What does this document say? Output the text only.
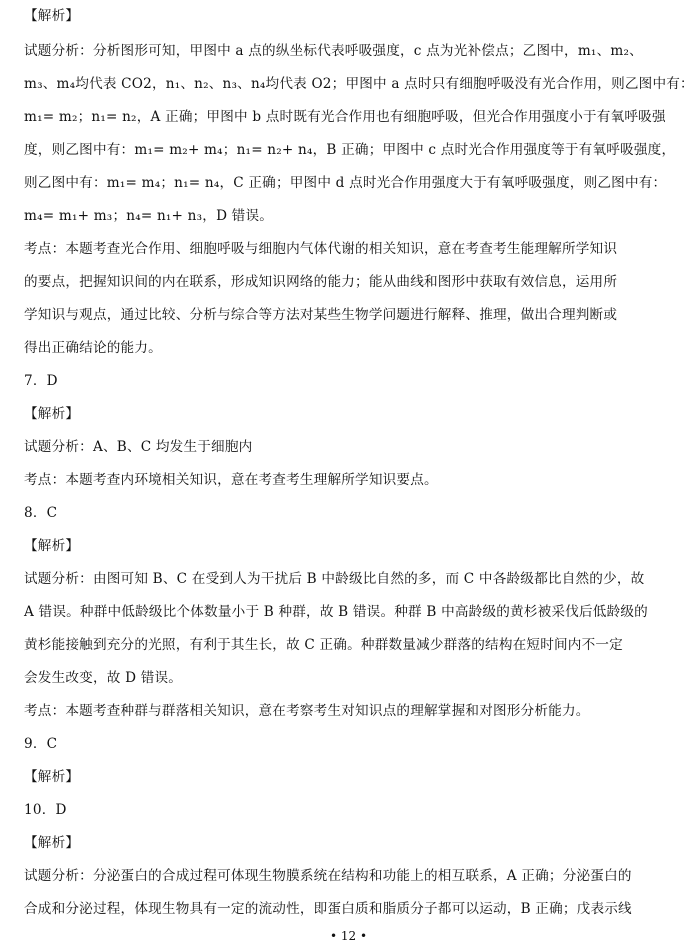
【解析】
试题分析：分析图形可知，甲图中 a 点的纵坐标代表呼吸强度，c 点为光补偿点；乙图中，m₁、m₂、
m₃、m₄均代表 CO2，n₁、n₂、n₃、n₄均代表 O2；甲图中 a 点时只有细胞呼吸没有光合作用，则乙图中有：
m₁= m₂；n₁= n₂，A 正确；甲图中 b 点时既有光合作用也有细胞呼吸，但光合作用强度小于有氧呼吸强
度，则乙图中有：m₁= m₂+ m₄；n₁= n₂+ n₄，B 正确；甲图中 c 点时光合作用强度等于有氧呼吸强度，
则乙图中有：m₁= m₄；n₁= n₄，C 正确；甲图中 d 点时光合作用强度大于有氧呼吸强度，则乙图中有：
m₄= m₁+ m₃；n₄= n₁+ n₃，D 错误。
考点：本题考查光合作用、细胞呼吸与细胞内气体代谢的相关知识，意在考查考生能理解所学知识
的要点，把握知识间的内在联系，形成知识网络的能力；能从曲线和图形中获取有效信息，运用所
学知识与观点，通过比较、分析与综合等方法对某些生物学问题进行解释、推理，做出合理判断或
得出正确结论的能力。
7．D
【解析】
试题分析：A、B、C 均发生于细胞内
考点：本题考查内环境相关知识，意在考查考生理解所学知识要点。
8．C
【解析】
试题分析：由图可知 B、C 在受到人为干扰后 B 中龄级比自然的多，而 C 中各龄级都比自然的少，故
A 错误。种群中低龄级比个体数量小于 B 种群，故 B 错误。种群 B 中高龄级的黄杉被采伐后低龄级的
黄杉能接触到充分的光照，有利于其生长，故 C 正确。种群数量减少群落的结构在短时间内不一定
会发生改变，故 D 错误。
考点：本题考查种群与群落相关知识，意在考察考生对知识点的理解掌握和对图形分析能力。
9．C
【解析】
10．D
【解析】
试题分析：分泌蛋白的合成过程可体现生物膜系统在结构和功能上的相互联系，A 正确；分泌蛋白的
合成和分泌过程，体现生物具有一定的流动性，即蛋白质和脂质分子都可以运动，B 正确；戊表示线
• 12 •
